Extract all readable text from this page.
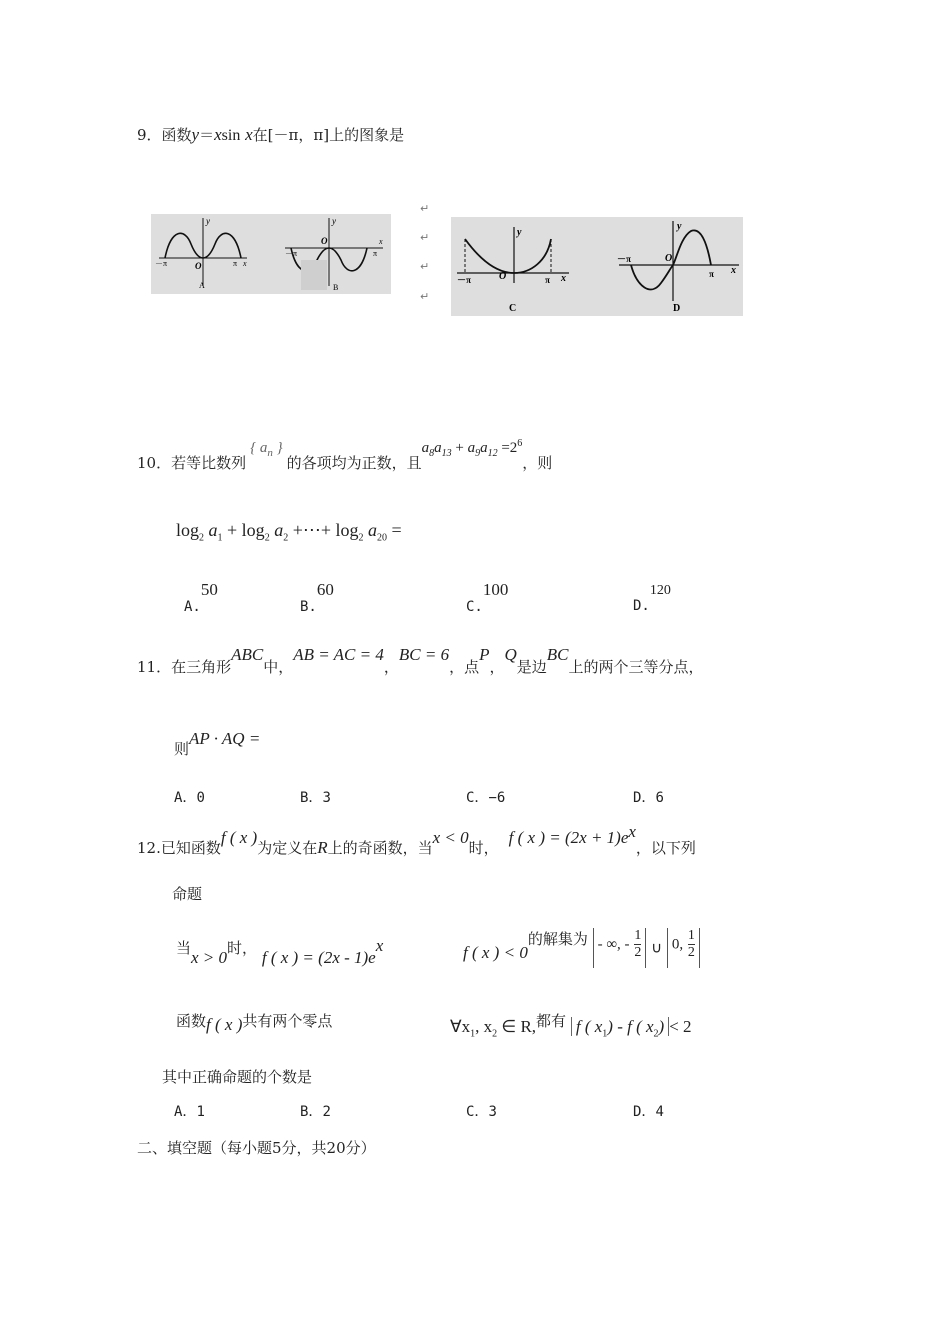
9．函数y＝xsin x在[－π，π]上的图象是
y
O
－π	π x
A
y
O
－π	π
x
B
↵
↵
↵
↵
y
O
－π	π x
C
y
O
－π
π x
D
10．若等比数列{ $a_n$ }的各项均为正数，且$a_8a_{13} + a_9a_{12} =2^6$，则
$\log_2 a_1 + \log_2 a_2$ +⋯+ $\log_2 a_{20}$ =
A.50
B.60
C.100
D.120
11．在三角形ABC中，AB = AC = 4，BC = 6，点P，Q是边BC上的两个三等分点，
则AP · AQ =
A．0	B．3	C．−6	D．6
12.已知函数f ( x )为定义在R上的奇函数，当x < 0时，f ( x ) = $(2x + 1)e^x$，以下列
命题
当x > 0时， f ( x ) = $(2x - 1)e^x$	f ( x ) < 0的解集为 - ∞, - $\frac{1}{2}$ ∪ 0, $\frac{1}{2}$
函数f ( x )共有两个零点	$\forall x_1$, $x_2$ ∈ R,都有 f ( $x_1$) - f ( $x_2) < 2$
其中正确命题的个数是
A．1	B．2	C．3	D．4
二、填空题（每小题5分，共20分）
